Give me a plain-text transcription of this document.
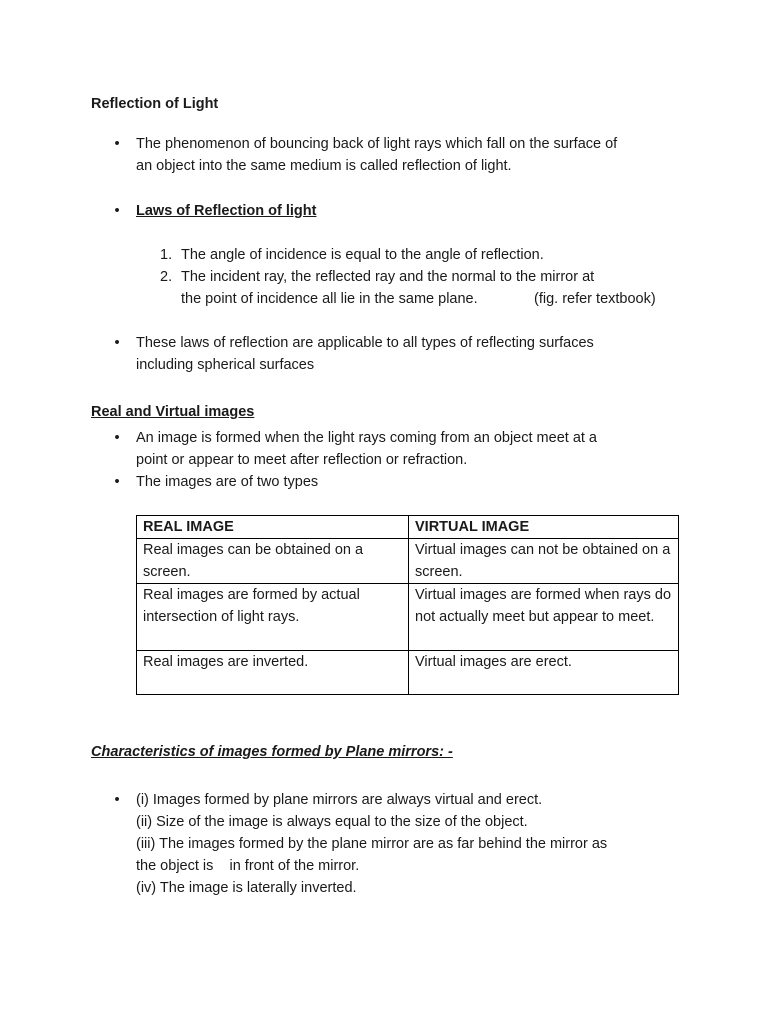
Reflection of Light
•
The phenomenon of bouncing back of light rays which fall on the surface of
an object into the same medium is called reflection of light.
•
Laws of Reflection of light
1. The angle of incidence is equal to the angle of reflection.
2. The incident ray, the reflected ray and the normal to the mirror at
the point of incidence all lie in the same plane.	(fig. refer textbook)
•
These laws of reflection are applicable to all types of reflecting surfaces
including spherical surfaces
Real and Virtual images
•
An image is formed when the light rays coming from an object meet at a
point or appear to meet after reflection or refraction.
•
The images are of two types
REAL IMAGE	VIRTUAL IMAGE
Real images can be obtained on a screen.	Virtual images can not be obtained on a screen.
Real images are formed by actual intersection of light rays.	Virtual images are formed when rays do not actually meet but appear to meet.
Real images are inverted.	Virtual images are erect.
Characteristics of images formed by Plane mirrors: -
•
(i) Images formed by plane mirrors are always virtual and erect.
(ii) Size of the image is always equal to the size of the object.
(iii) The images formed by the plane mirror are as far behind the mirror as
the object is    in front of the mirror.
(iv) The image is laterally inverted.
